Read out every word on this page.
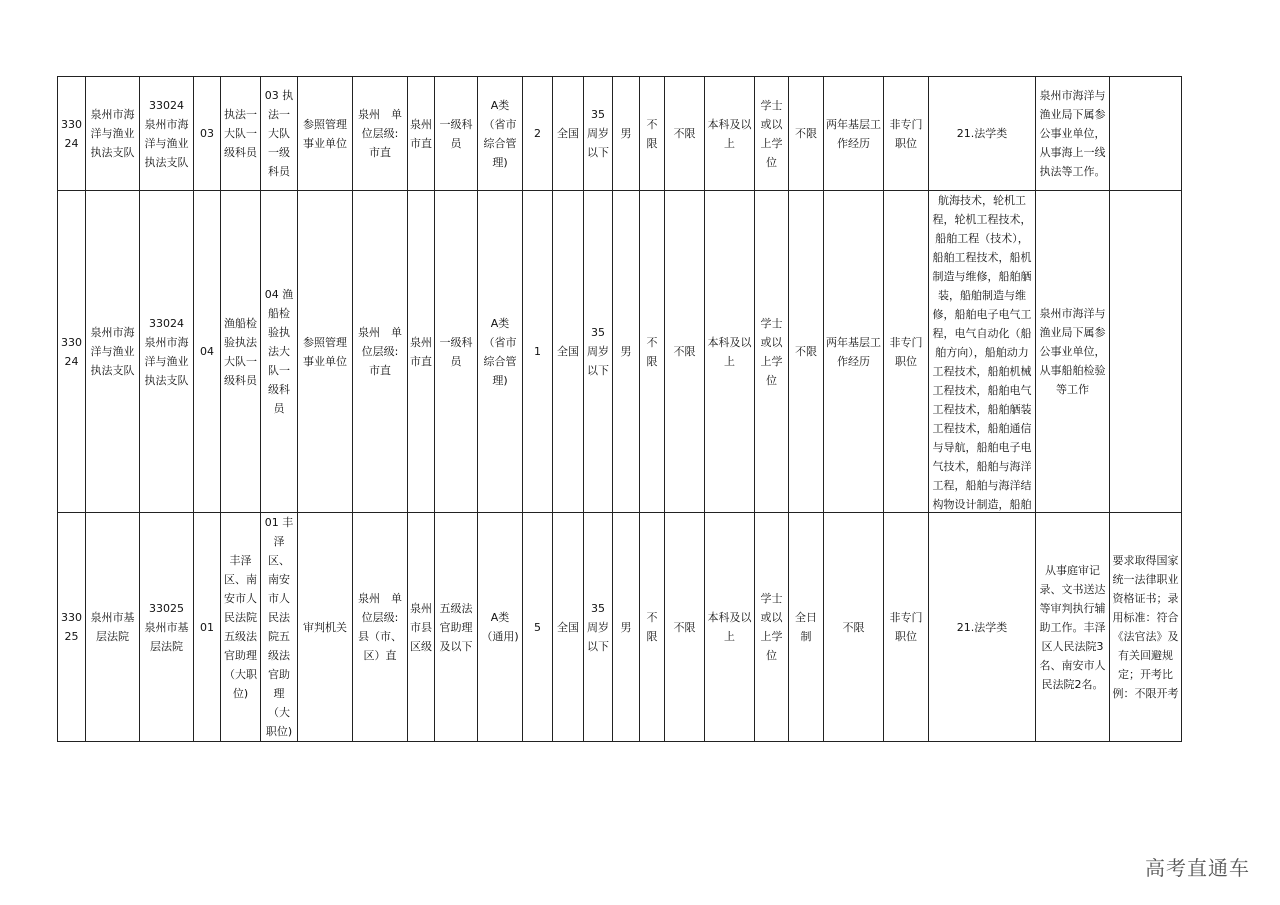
33024	泉州市海洋与渔业执法支队	33024 泉州市海洋与渔业执法支队	03	执法一大队一级科员	03 执法一大队一级科员	参照管理事业单位	泉州　单位层级:　市直	泉州市直	一级科员	A类（省市综合管理)	2	全国	35周岁以下	男	不限	不限	本科及以上	学士或以上学位	不限	两年基层工作经历	非专门职位	21.法学类	泉州市海洋与渔业局下属参公事业单位，从事海上一线执法等工作。	
33024	泉州市海洋与渔业执法支队	33024 泉州市海洋与渔业执法支队	04	渔船检验执法大队一级科员	04 渔船检验执法大队一级科员	参照管理事业单位	泉州　单位层级:　市直	泉州市直	一级科员	A类（省市综合管理)	1	全国	35周岁以下	男	不限	不限	本科及以上	学士或以上学位	不限	两年基层工作经历	非专门职位	航海技术，轮机工程，轮机工程技术，船舶工程（技术），船舶工程技术，船机制造与维修，船舶舾装，船舶制造与维修，船舶电子电气工程，电气自动化（船舶方向），船舶动力工程技术，船舶机械工程技术，船舶电气工程技术，船舶舾装工程技术，船舶通信与导航，船舶电子电气技术，船舶与海洋工程，船舶与海洋结构物设计制造，船舶	泉州市海洋与渔业局下属参公事业单位，从事船舶检验等工作	
33025	泉州市基层法院	33025 泉州市基层法院	01	丰泽区、南安市人民法院五级法官助理（大职位)	01 丰泽区、南安市人民法院五级法官助理（大职位)	审判机关	泉州　单位层级:　县（市、区）直	泉州市县区级	五级法官助理及以下	A类（通用)	5	全国	35周岁以下	男	不限	不限	本科及以上	学士或以上学位	全日制	不限	非专门职位	21.法学类	从事庭审记录、文书送达等审判执行辅助工作。丰泽区人民法院3名、南安市人民法院2名。	要求取得国家统一法律职业资格证书；录用标准：符合《法官法》及有关回避规定；开考比例：不限开考
高考直通车
